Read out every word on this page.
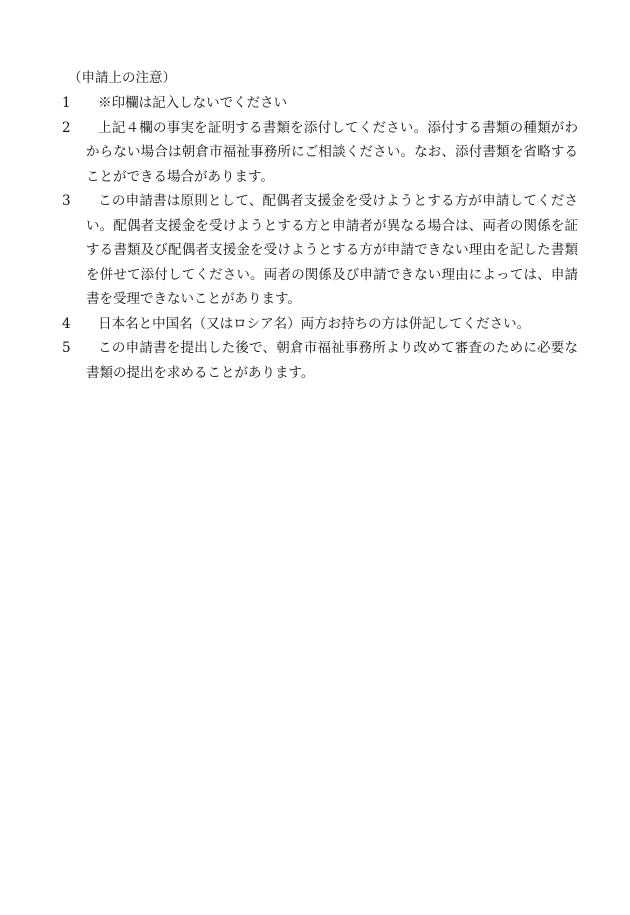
（申請上の注意）
1	※印欄は記入しないでください
2	上記４欄の事実を証明する書類を添付してください。添付する書類の種類がわからない場合は朝倉市福祉事務所にご相談ください。なお、添付書類を省略することができる場合があります。
3	この申請書は原則として、配偶者支援金を受けようとする方が申請してください。配偶者支援金を受けようとする方と申請者が異なる場合は、両者の関係を証する書類及び配偶者支援金を受けようとする方が申請できない理由を記した書類を併せて添付してください。両者の関係及び申請できない理由によっては、申請書を受理できないことがあります。
4	日本名と中国名（又はロシア名）両方お持ちの方は併記してください。
5	この申請書を提出した後で、朝倉市福祉事務所より改めて審査のために必要な書類の提出を求めることがあります。
